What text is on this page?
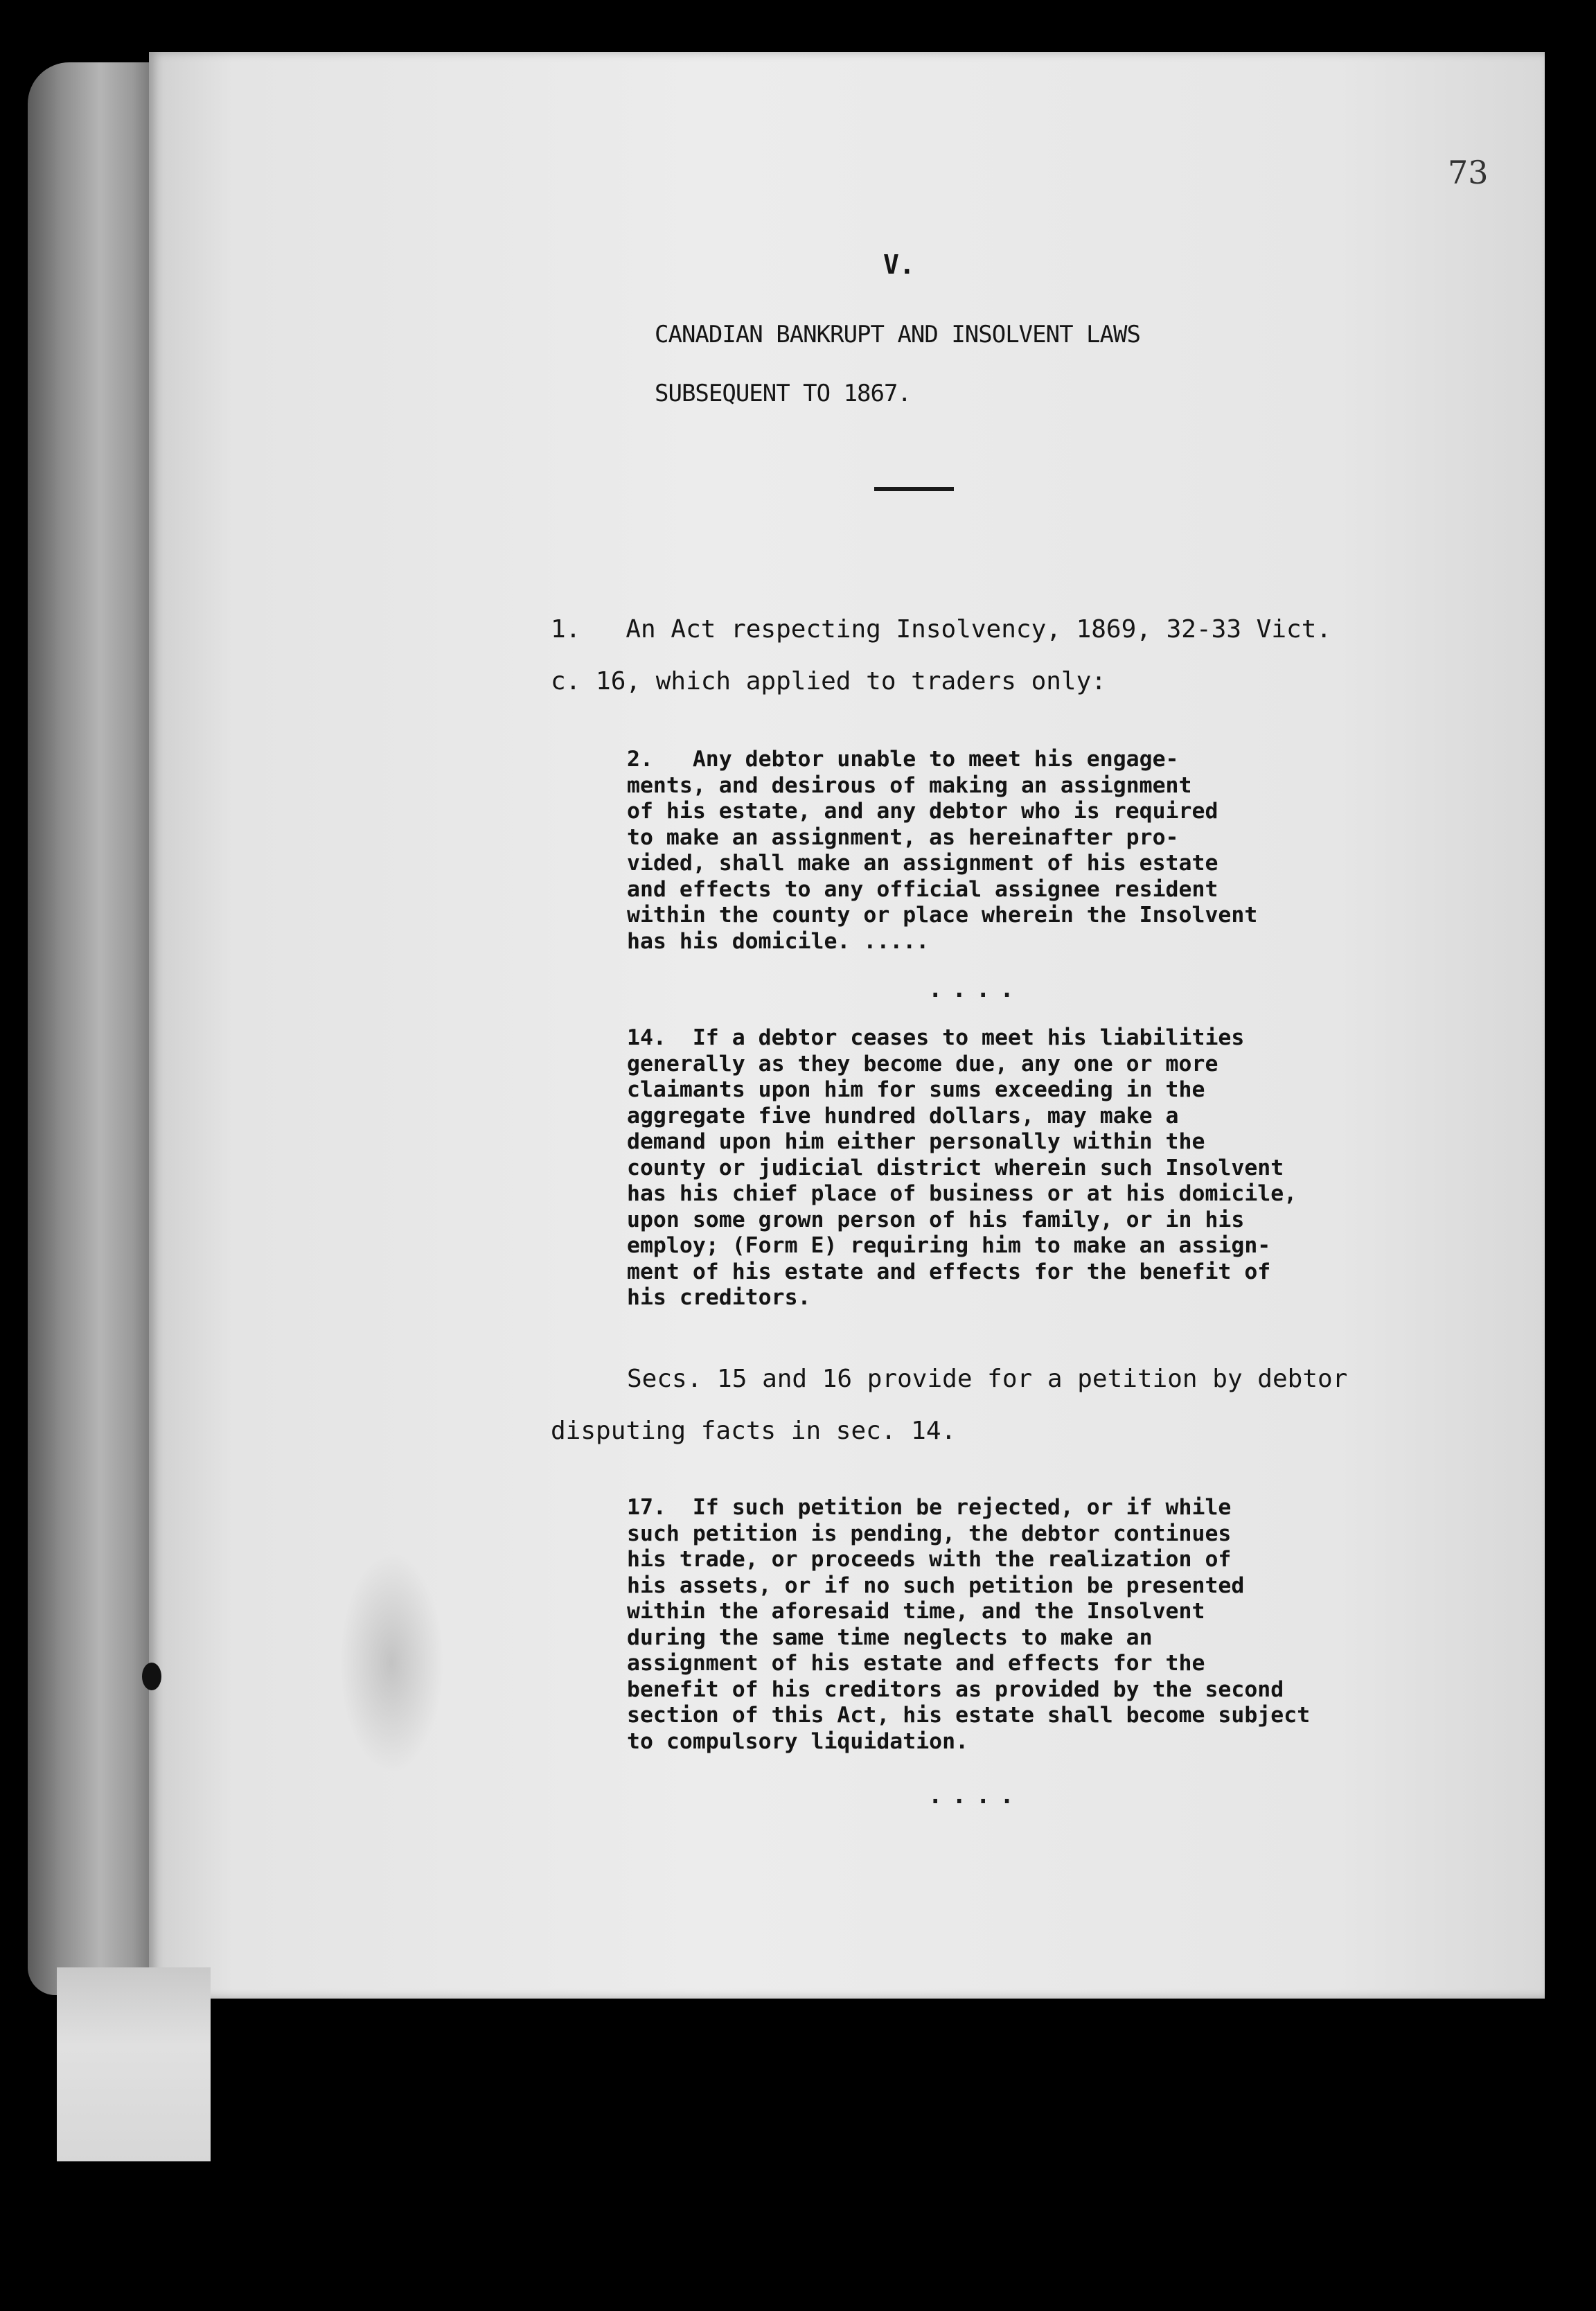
73
V.
CANADIAN BANKRUPT AND INSOLVENT LAWS
SUBSEQUENT TO 1867.
1.   An Act respecting Insolvency, 1869, 32-33 Vict.
c. 16, which applied to traders only:
2.   Any debtor unable to meet his engage-
ments, and desirous of making an assignment
of his estate, and any debtor who is required
to make an assignment, as hereinafter pro-
vided, shall make an assignment of his estate
and effects to any official assignee resident
within the county or place wherein the Insolvent
has his domicile. .....
....
14.  If a debtor ceases to meet his liabilities
generally as they become due, any one or more
claimants upon him for sums exceeding in the
aggregate five hundred dollars, may make a
demand upon him either personally within the
county or judicial district wherein such Insolvent
has his chief place of business or at his domicile,
upon some grown person of his family, or in his
employ; (Form E) requiring him to make an assign-
ment of his estate and effects for the benefit of
his creditors.
Secs. 15 and 16 provide for a petition by debtor
disputing facts in sec. 14.
17.  If such petition be rejected, or if while
such petition is pending, the debtor continues
his trade, or proceeds with the realization of
his assets, or if no such petition be presented
within the aforesaid time, and the Insolvent
during the same time neglects to make an
assignment of his estate and effects for the
benefit of his creditors as provided by the second
section of this Act, his estate shall become subject
to compulsory liquidation.
....
